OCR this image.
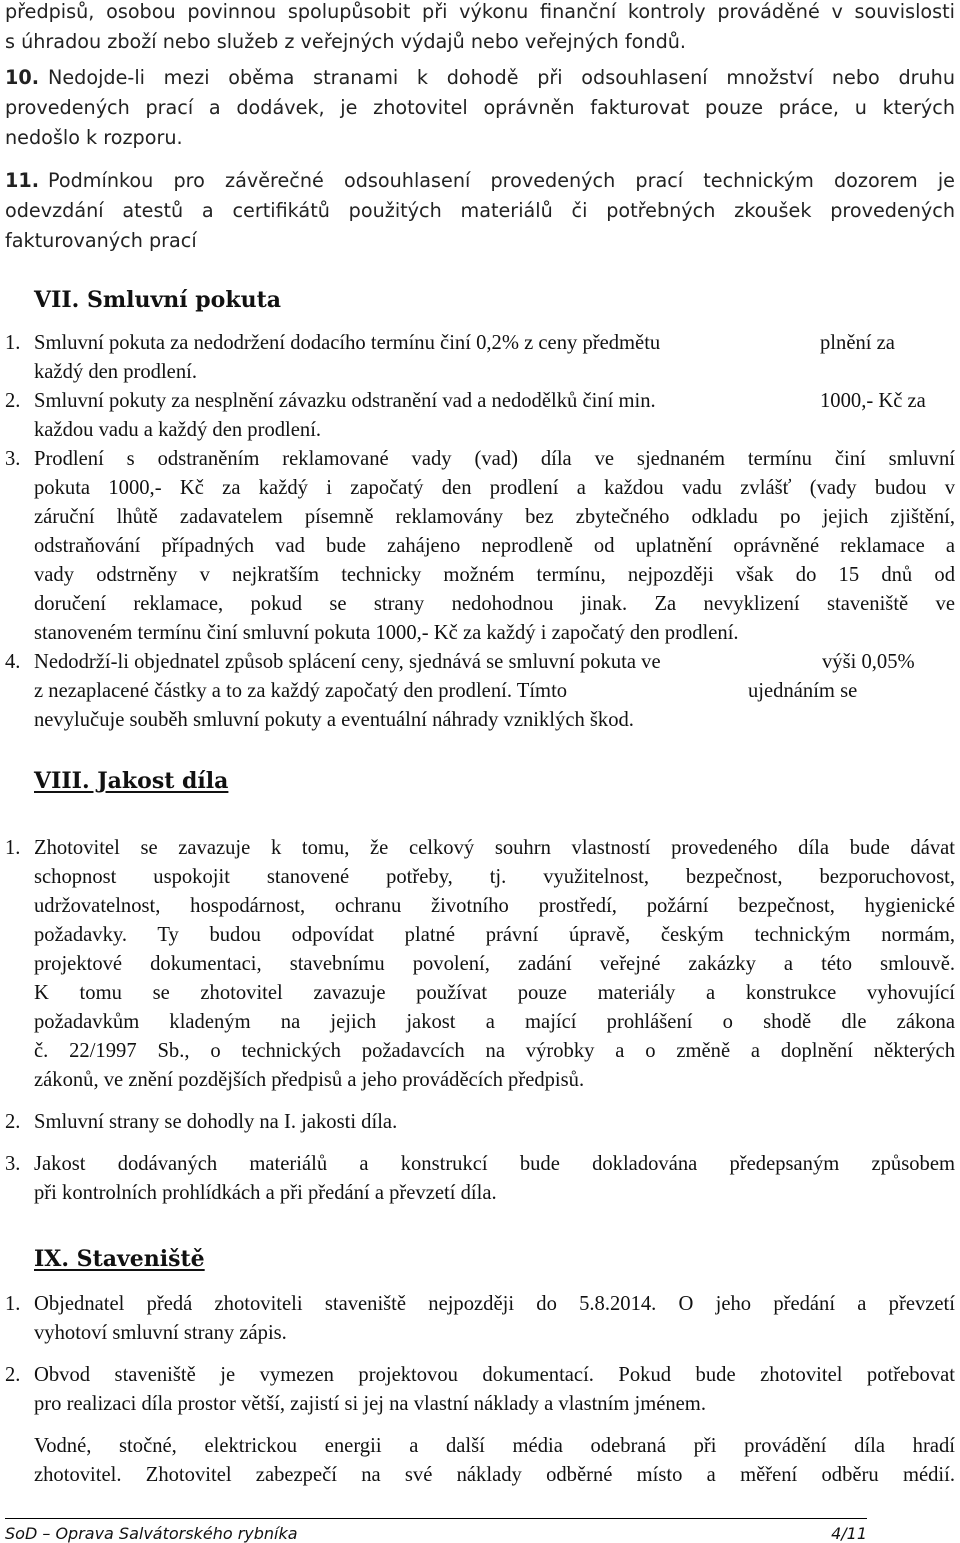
předpisů, osobou povinnou spolupůsobit při výkonu finanční kontroly prováděné v souvislosti
s úhradou zboží nebo služeb z veřejných výdajů nebo veřejných fondů.
10. Nedojde-li mezi oběma stranami k dohodě při odsouhlasení množství nebo druhu
provedených prací a dodávek, je zhotovitel oprávněn fakturovat pouze práce, u kterých
nedošlo k rozporu.
11. Podmínkou pro závěrečné odsouhlasení provedených prací technickým dozorem je
odevzdání atestů a certifikátů použitých materiálů či potřebných zkoušek provedených
fakturovaných prací
VII. Smluvní pokuta
1. Smluvní pokuta za nedodržení dodacího termínu činí 0,2% z ceny předmětu	plnění za
každý den prodlení.
2. Smluvní pokuty za nesplnění závazku odstranění vad a nedodělků činí min.	1000,- Kč za
každou vadu a každý den prodlení.
3. Prodlení s odstraněním reklamované vady (vad) díla ve sjednaném termínu činí smluvní
pokuta 1000,- Kč za každý i započatý den prodlení a každou vadu zvlášť (vady budou v
záruční lhůtě zadavatelem písemně reklamovány bez zbytečného odkladu po jejich zjištění,
odstraňování případných vad bude zahájeno neprodleně od uplatnění oprávněné reklamace a
vady odstrněny v nejkratším technicky možném termínu, nejpozději však do 15 dnů od
doručení reklamace, pokud se strany nedohodnou jinak. Za nevyklizení staveniště ve
stanoveném termínu činí smluvní pokuta 1000,- Kč za každý i započatý den prodlení.
4. Nedodrží-li objednatel způsob splácení ceny, sjednává se smluvní pokuta ve	výši 0,05%
z nezaplacené částky a to za každý započatý den prodlení. Tímto	ujednáním se
nevylučuje souběh smluvní pokuty a eventuální náhrady vzniklých škod.
VIII. Jakost díla
1. Zhotovitel se zavazuje k tomu, že celkový souhrn vlastností provedeného díla bude dávat
schopnost uspokojit stanovené potřeby, tj. využitelnost, bezpečnost, bezporuchovost,
udržovatelnost, hospodárnost, ochranu životního prostředí, požární bezpečnost, hygienické
požadavky. Ty budou odpovídat platné právní úpravě, českým technickým normám,
projektové dokumentaci, stavebnímu povolení, zadání veřejné zakázky a této smlouvě.
K tomu se zhotovitel zavazuje používat pouze materiály a konstrukce vyhovující
požadavkům kladeným na jejich jakost a mající prohlášení o shodě dle zákona
č. 22/1997 Sb., o technických požadavcích na výrobky a o změně a doplnění některých
zákonů, ve znění pozdějších předpisů a jeho prováděcích předpisů.
2. Smluvní strany se dohodly na I. jakosti díla.
3. Jakost dodávaných materiálů a konstrukcí bude dokladována předepsaným způsobem
při kontrolních prohlídkách a při předání a převzetí díla.
IX. Staveniště
1. Objednatel předá zhotoviteli staveniště nejpozději do 5.8.2014. O jeho předání a převzetí
vyhotoví smluvní strany zápis.
2. Obvod staveniště je vymezen projektovou dokumentací. Pokud bude zhotovitel potřebovat
pro realizaci díla prostor větší, zajistí si jej na vlastní náklady a vlastním jménem.
Vodné, stočné, elektrickou energii a další média odebraná při provádění díla hradí
zhotovitel. Zhotovitel zabezpečí na své náklady odběrné místo a měření odběru médií.
SoD – Oprava Salvátorského rybníka	4/11
